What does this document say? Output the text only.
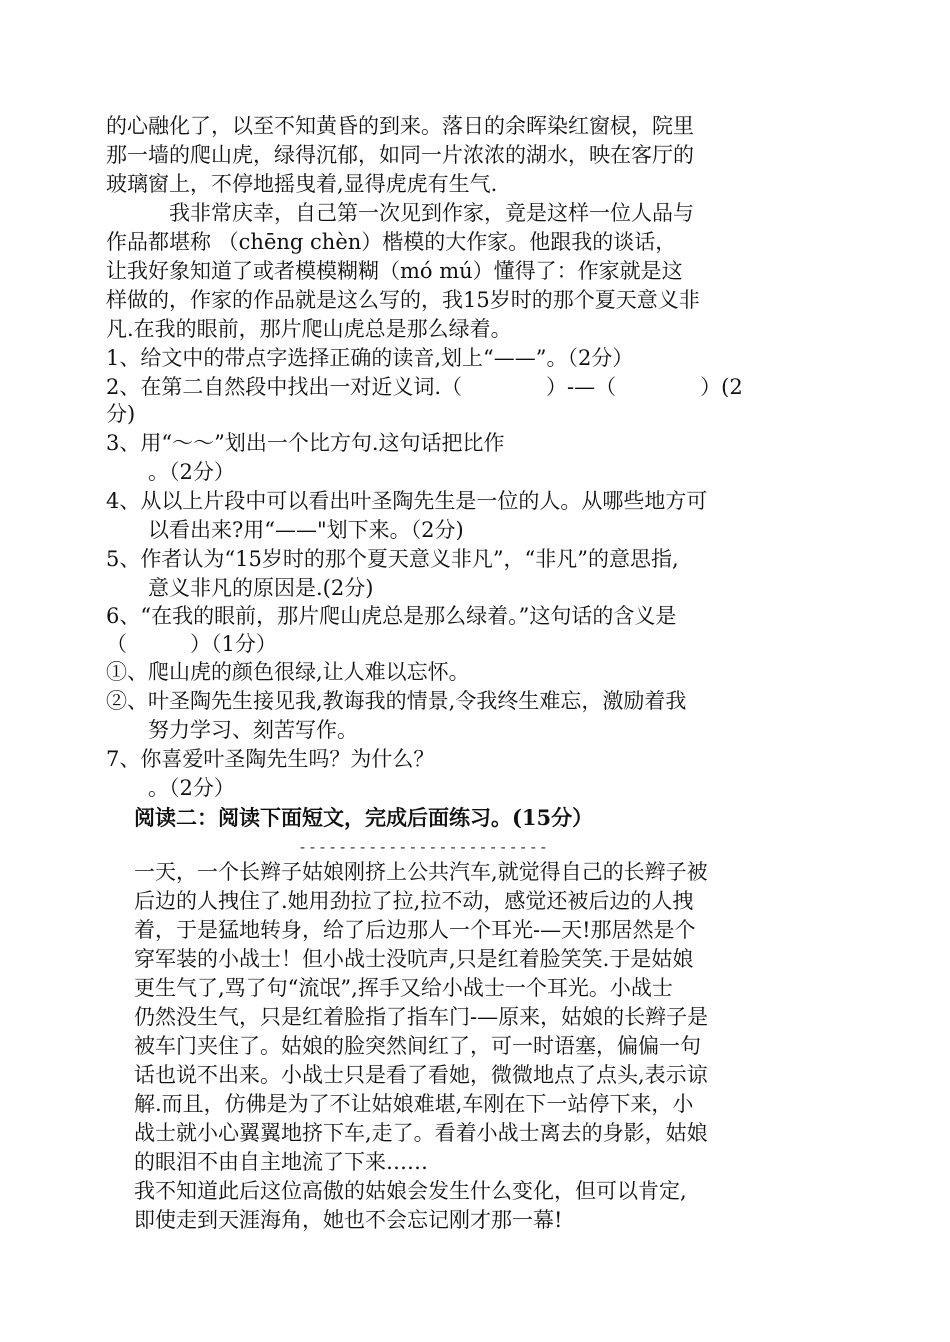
的心融化了，以至不知黄昏的到来。落日的余晖染红窗棂，院里
那一墙的爬山虎，绿得沉郁，如同一片浓浓的湖水，映在客厅的
玻璃窗上，不停地摇曳着,显得虎虎有生气.
　　　我非常庆幸，自己第一次见到作家，竟是这样一位人品与
作品都堪称 （chēng chèn）楷模的大作家。他跟我的谈话，
让我好象知道了或者模模糊糊（mó mú）懂得了：作家就是这
样做的，作家的作品就是这么写的，我15岁时的那个夏天意义非
凡.在我的眼前，那片爬山虎总是那么绿着。
1、给文中的带点字选择正确的读音,划上“——”。（2分）
2、在第二自然段中找出一对近义词.（　　　　）-—（　　　　）(2
分)
3、用“～～”划出一个比方句.这句话把比作
　　。（2分）
4、从以上片段中可以看出叶圣陶先生是一位的人。从哪些地方可
　　以看出来?用“——"划下来。（2分)
5、作者认为“15岁时的那个夏天意义非凡”，“非凡”的意思指,
　　意义非凡的原因是.(2分)
6、“在我的眼前，那片爬山虎总是那么绿着。”这句话的含义是
（　　　）（1分）
①、爬山虎的颜色很绿,让人难以忘怀。
②、叶圣陶先生接见我,教诲我的情景,令我终生难忘，激励着我
　　努力学习、刻苦写作。
7、你喜爱叶圣陶先生吗？为什么？
　　。（2分）
阅读二：阅读下面短文，完成后面练习。(15分）
-------------------------
一天，一个长辫子姑娘刚挤上公共汽车,就觉得自己的长辫子被
后边的人拽住了.她用劲拉了拉,拉不动，感觉还被后边的人拽
着，于是猛地转身，给了后边那人一个耳光-—天!那居然是个
穿军装的小战士！但小战士没吭声,只是红着脸笑笑.于是姑娘
更生气了,骂了句“流氓”,挥手又给小战士一个耳光。小战士
仍然没生气，只是红着脸指了指车门-—原来，姑娘的长辫子是
被车门夹住了。姑娘的脸突然间红了，可一时语塞，偏偏一句
话也说不出来。小战士只是看了看她，微微地点了点头,表示谅
解.而且，仿佛是为了不让姑娘难堪,车刚在下一站停下来，小
战士就小心翼翼地挤下车,走了。看着小战士离去的身影，姑娘
的眼泪不由自主地流了下来……
我不知道此后这位高傲的姑娘会发生什么变化，但可以肯定,
即使走到天涯海角，她也不会忘记刚才那一幕!
